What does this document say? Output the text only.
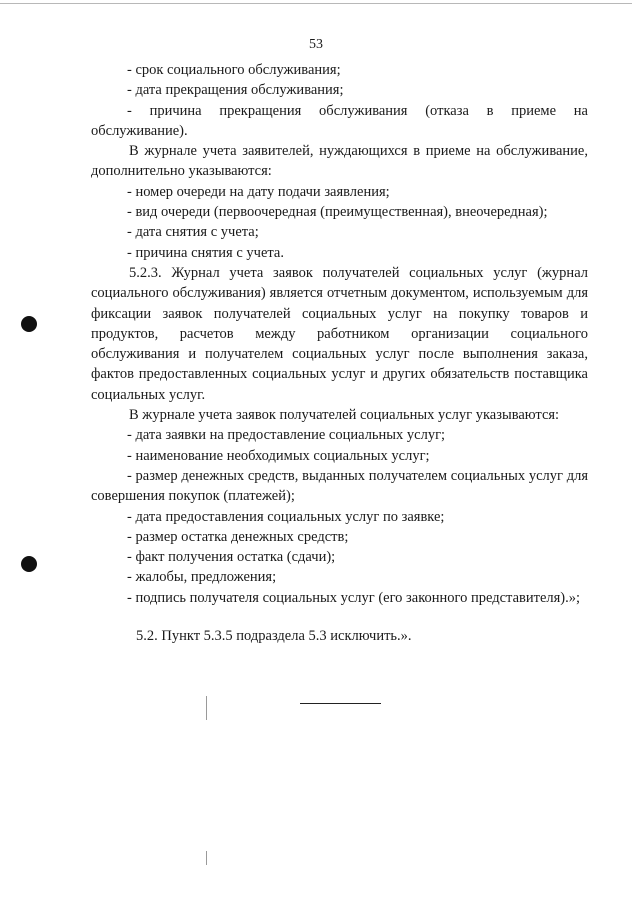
53

- срок социального обслуживания;

- дата прекращения обслуживания;

- причина прекращения обслуживания (отказа в приеме на обслуживание).

В журнале учета заявителей, нуждающихся в приеме на обслуживание, дополнительно указываются:

- номер очереди на дату подачи заявления;

- вид очереди (первоочередная (преимущественная), внеочередная);

- дата снятия с учета;

- причина снятия с учета.

5.2.3. Журнал учета заявок получателей социальных услуг (журнал социального обслуживания) является отчетным документом, используемым для фиксации заявок получателей социальных услуг на покупку товаров и продуктов, расчетов между работником организации социального обслуживания и получателем социальных услуг после выполнения заказа, фактов предоставленных социальных услуг и других обязательств поставщика социальных услуг.

В журнале учета заявок получателей социальных услуг указываются:

- дата заявки на предоставление социальных услуг;

- наименование необходимых социальных услуг;

- размер денежных средств, выданных получателем социальных услуг для совершения покупок (платежей);

- дата предоставления социальных услуг по заявке;

- размер остатка денежных средств;

- факт получения остатка (сдачи);

- жалобы, предложения;

- подпись получателя социальных услуг (его законного представителя).»;

5.2. Пункт 5.3.5 подраздела 5.3 исключить.».
